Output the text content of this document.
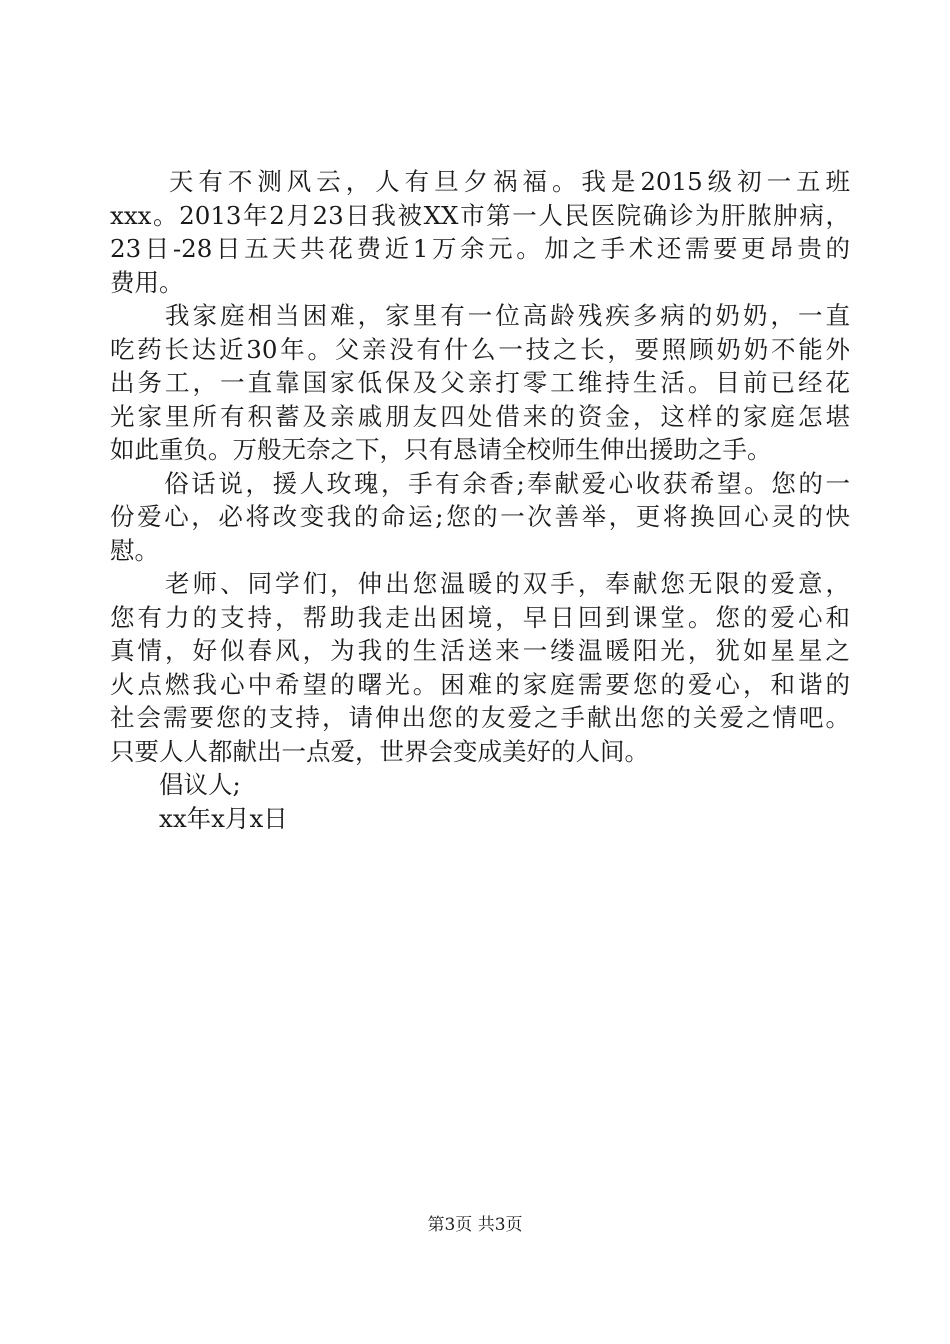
　　天有不测风云，人有旦夕祸福。我是2015级初一五班
xxx。2013年2月23日我被XX市第一人民医院确诊为肝脓肿病，
23日-28日五天共花费近1万余元。加之手术还需要更昂贵的
费用。
　　我家庭相当困难，家里有一位高龄残疾多病的奶奶，一直
吃药长达近30年。父亲没有什么一技之长，要照顾奶奶不能外
出务工，一直靠国家低保及父亲打零工维持生活。目前已经花
光家里所有积蓄及亲戚朋友四处借来的资金，这样的家庭怎堪
如此重负。万般无奈之下，只有恳请全校师生伸出援助之手。
　　俗话说，援人玫瑰，手有余香;奉献爱心收获希望。您的一
份爱心，必将改变我的命运;您的一次善举，更将换回心灵的快
慰。
　　老师、同学们，伸出您温暖的双手，奉献您无限的爱意，
您有力的支持，帮助我走出困境，早日回到课堂。您的爱心和
真情，好似春风，为我的生活送来一缕温暖阳光，犹如星星之
火点燃我心中希望的曙光。困难的家庭需要您的爱心，和谐的
社会需要您的支持，请伸出您的友爱之手献出您的关爱之情吧。
只要人人都献出一点爱，世界会变成美好的人间。
　　倡议人;
　　xx年x月x日
第3页 共3页
